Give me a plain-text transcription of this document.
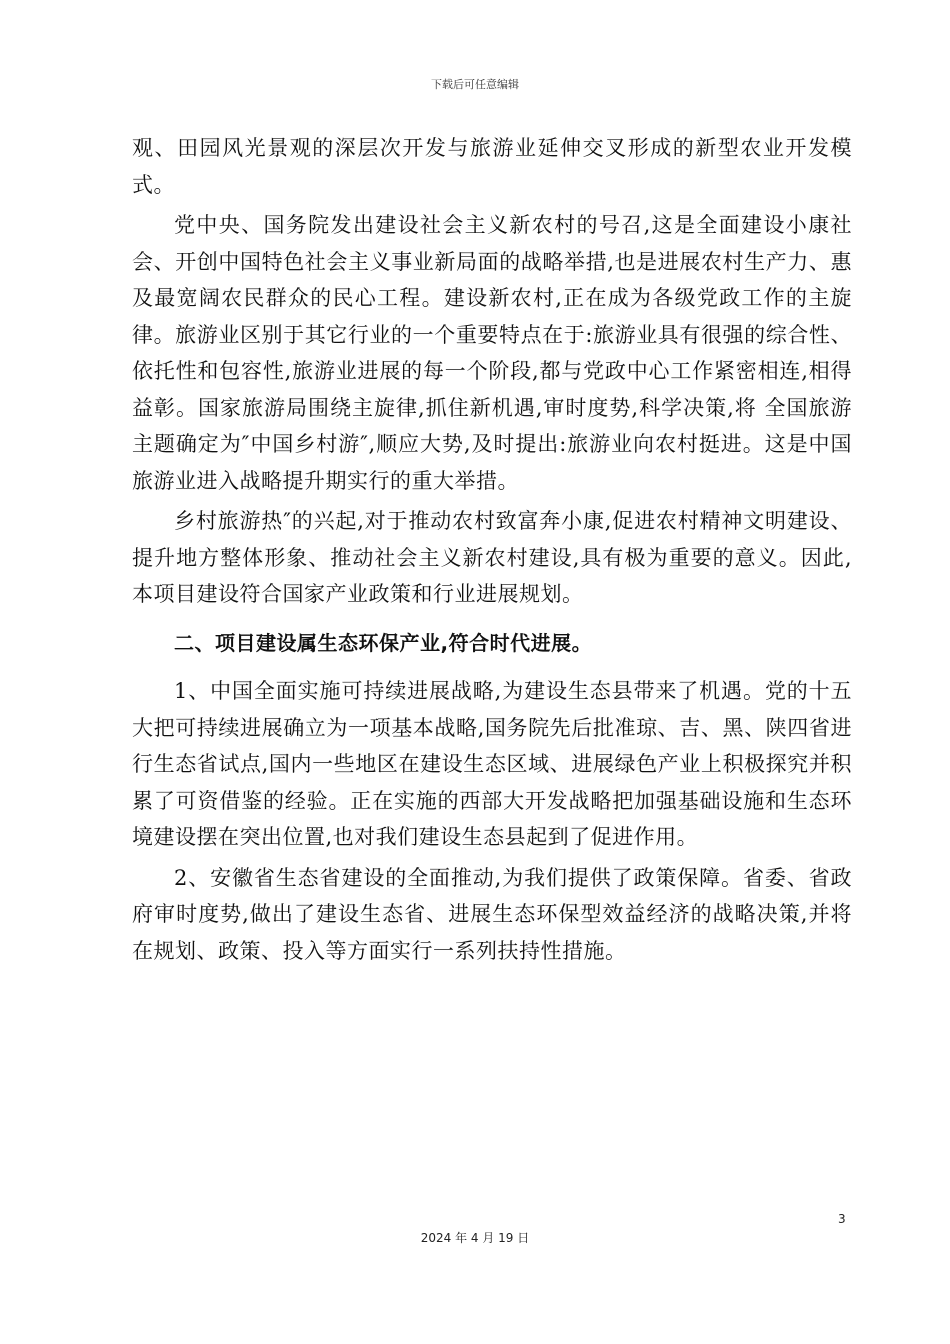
下载后可任意编辑

观、田园风光景观的深层次开发与旅游业延伸交叉形成的新型农业开发模式。

党中央、国务院发出建设社会主义新农村的号召,这是全面建设小康社会、开创中国特色社会主义事业新局面的战略举措,也是进展农村生产力、惠及最宽阔农民群众的民心工程。建设新农村,正在成为各级党政工作的主旋律。旅游业区别于其它行业的一个重要特点在于:旅游业具有很强的综合性、依托性和包容性,旅游业进展的每一个阶段,都与党政中心工作紧密相连,相得益彰。国家旅游局围绕主旋律,抓住新机遇,审时度势,科学决策,将 全国旅游主题确定为″中国乡村游″,顺应大势,及时提出:旅游业向农村挺进。这是中国旅游业进入战略提升期实行的重大举措。

乡村旅游热″的兴起,对于推动农村致富奔小康,促进农村精神文明建设、提升地方整体形象、推动社会主义新农村建设,具有极为重要的意义。因此,本项目建设符合国家产业政策和行业进展规划。

二、项目建设属生态环保产业,符合时代进展。

1、中国全面实施可持续进展战略,为建设生态县带来了机遇。党的十五大把可持续进展确立为一项基本战略,国务院先后批准琼、吉、黑、陕四省进行生态省试点,国内一些地区在建设生态区域、进展绿色产业上积极探究并积累了可资借鉴的经验。正在实施的西部大开发战略把加强基础设施和生态环境建设摆在突出位置,也对我们建设生态县起到了促进作用。

2、安徽省生态省建设的全面推动,为我们提供了政策保障。省委、省政府审时度势,做出了建设生态省、进展生态环保型效益经济的战略决策,并将在规划、政策、投入等方面实行一系列扶持性措施。

3
2024 年 4 月 19 日
